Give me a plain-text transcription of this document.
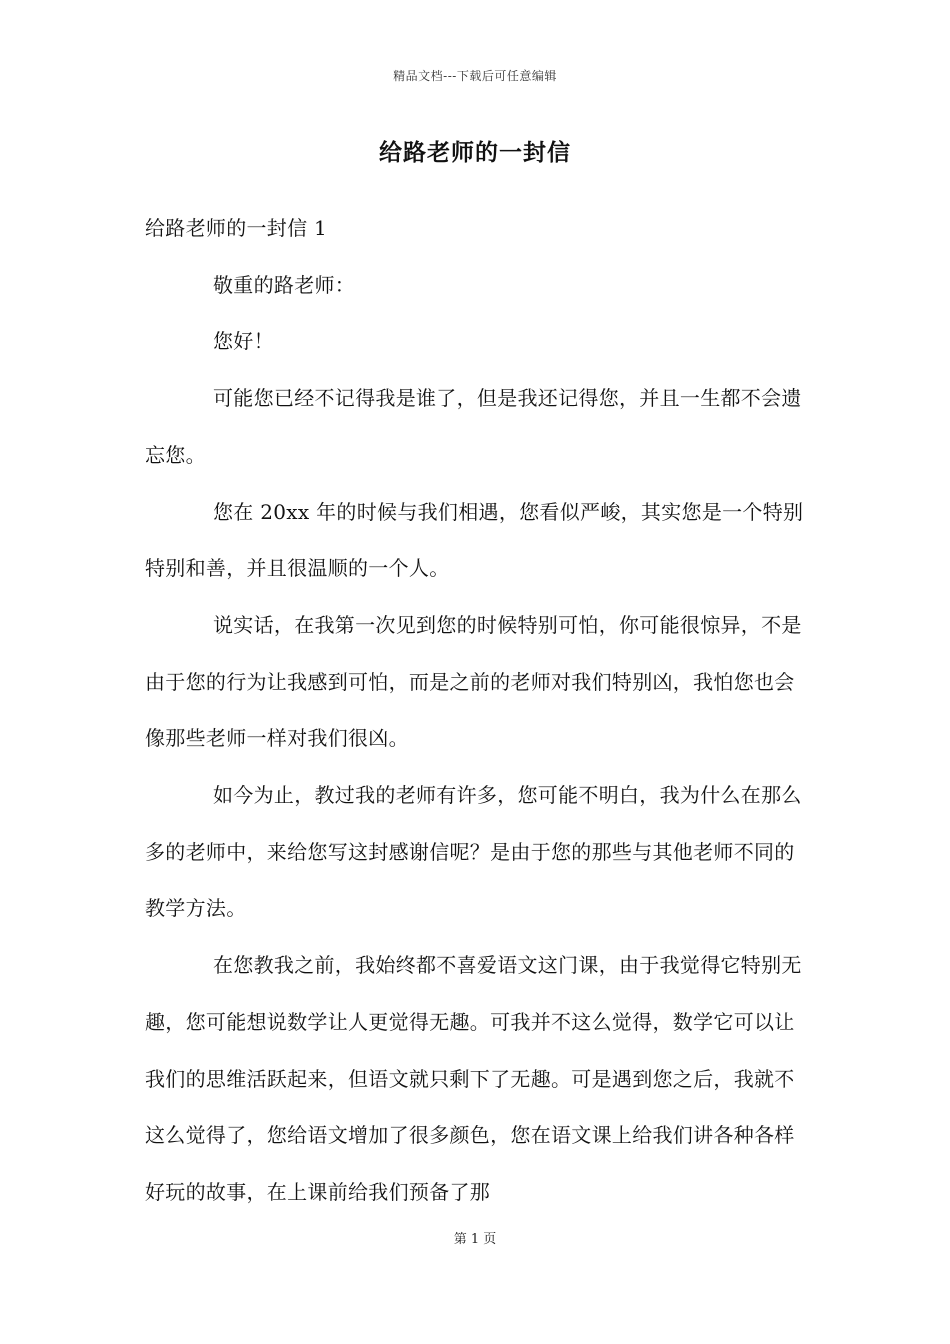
精品文档---下载后可任意编辑
给路老师的一封信

给路老师的一封信 1

敬重的路老师：

您好！

可能您已经不记得我是谁了，但是我还记得您，并且一生都不会遗忘您。

您在 20xx 年的时候与我们相遇，您看似严峻，其实您是一个特别特别和善，并且很温顺的一个人。

说实话，在我第一次见到您的时候特别可怕，你可能很惊异，不是由于您的行为让我感到可怕，而是之前的老师对我们特别凶，我怕您也会像那些老师一样对我们很凶。

如今为止，教过我的老师有许多，您可能不明白，我为什么在那么多的老师中，来给您写这封感谢信呢？是由于您的那些与其他老师不同的教学方法。

在您教我之前，我始终都不喜爱语文这门课，由于我觉得它特别无趣，您可能想说数学让人更觉得无趣。可我并不这么觉得，数学它可以让我们的思维活跃起来，但语文就只剩下了无趣。可是遇到您之后，我就不这么觉得了，您给语文增加了很多颜色，您在语文课上给我们讲各种各样好玩的故事，在上课前给我们预备了那

第 1 页
